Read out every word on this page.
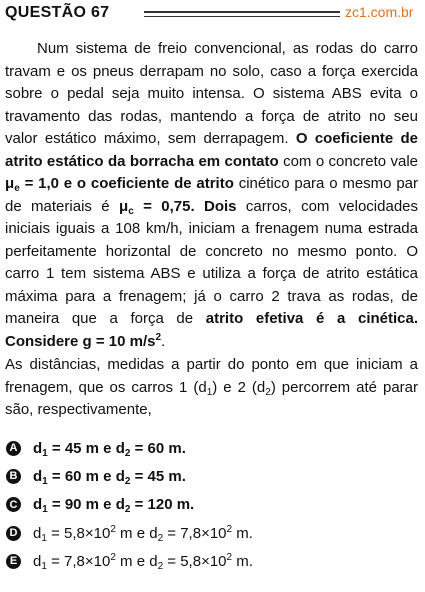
QUESTÃO 67	zc1.com.br

Num sistema de freio convencional, as rodas do carro travam e os pneus derrapam no solo, caso a força exercida sobre o pedal seja muito intensa. O sistema ABS evita o travamento das rodas, mantendo a força de atrito no seu valor estático máximo, sem derrapagem. O coeficiente de atrito estático da borracha em contato com o concreto vale $\mu_e = 1,0$ e o coeficiente de atrito cinético para o mesmo par de materiais é $\mu_c = 0,75$. Dois carros, com velocidades iniciais iguais a 108 km/h, iniciam a frenagem numa estrada perfeitamente horizontal de concreto no mesmo ponto. O carro 1 tem sistema ABS e utiliza a força de atrito estática máxima para a frenagem; já o carro 2 trava as rodas, de maneira que a força de atrito efetiva é a cinética. Considere g = 10 $m/s^2$.

As distâncias, medidas a partir do ponto em que iniciam a frenagem, que os carros 1 $(d_1)$ e 2 $(d_2)$ percorrem até parar são, respectivamente,

A $d_1 = 45$ m e $d_2 = 60$ m.
B $d_1 = 60$ m e $d_2 = 45$ m.
C $d_1 = 90$ m e $d_2 = 120$ m.
D $d_1 = 5,8\times 10^2$ m e $d_2 = 7,8\times 10^2$ m.
E $d_1 = 7,8\times 10^2$ m e $d_2 = 5,8\times 10^2$ m.
